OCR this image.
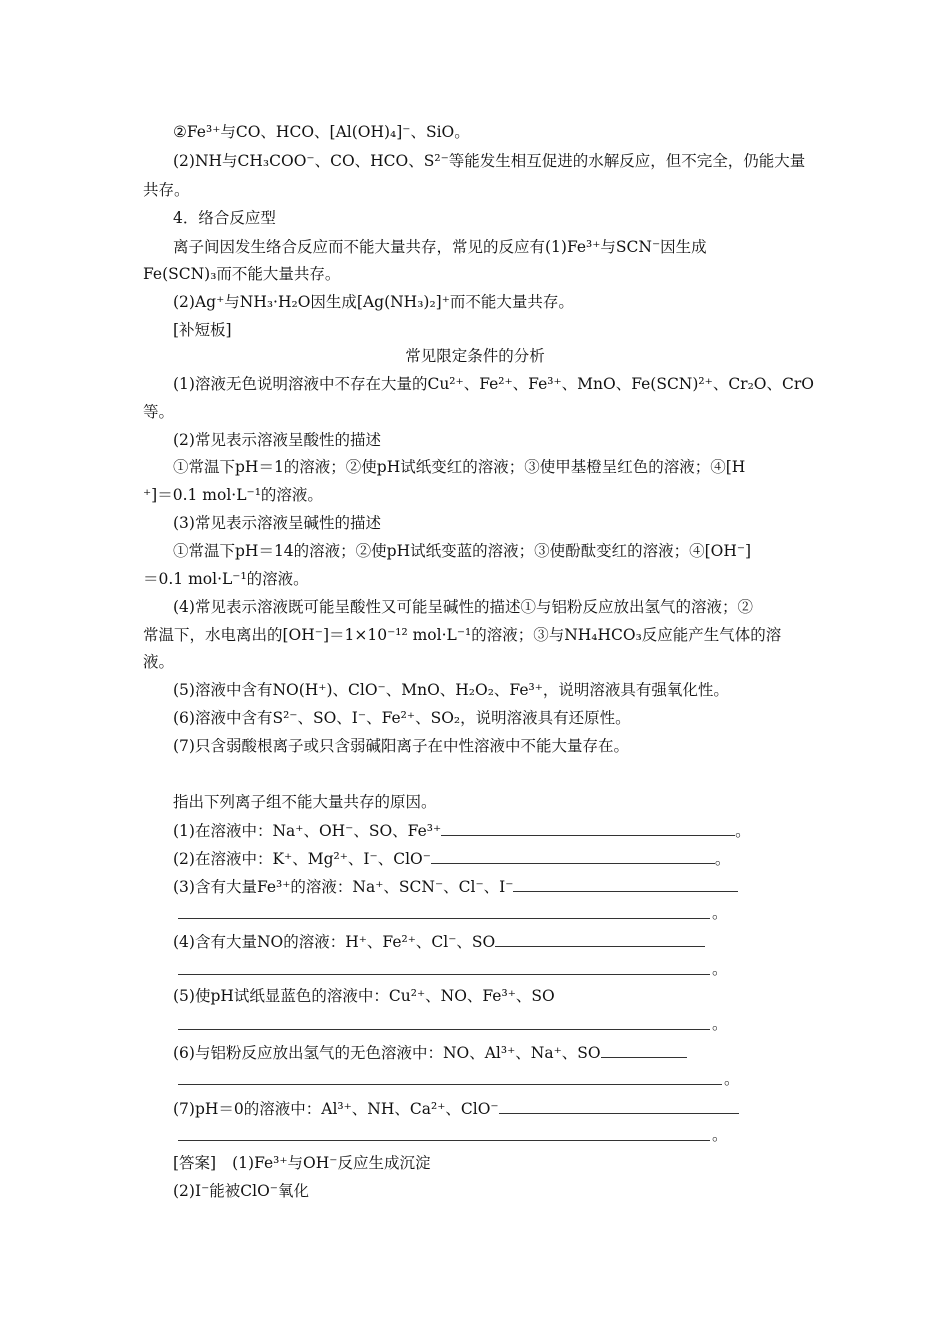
②Fe³⁺与CO、HCO、[Al(OH)₄]⁻、SiO。
(2)NH与CH₃COO⁻、CO、HCO、S²⁻等能发生相互促进的水解反应，但不完全，仍能大量
共存。
4．络合反应型
离子间因发生络合反应而不能大量共存，常见的反应有(1)Fe³⁺与SCN⁻因生成
Fe(SCN)₃而不能大量共存。
(2)Ag⁺与NH₃·H₂O因生成[Ag(NH₃)₂]⁺而不能大量共存。
[补短板]
常见限定条件的分析
(1)溶液无色说明溶液中不存在大量的Cu²⁺、Fe²⁺、Fe³⁺、MnO、Fe(SCN)²⁺、Cr₂O、CrO
等。
(2)常见表示溶液呈酸性的描述
①常温下pH＝1的溶液；②使pH试纸变红的溶液；③使甲基橙呈红色的溶液；④[H
⁺]＝0.1 mol·L⁻¹的溶液。
(3)常见表示溶液呈碱性的描述
①常温下pH＝14的溶液；②使pH试纸变蓝的溶液；③使酚酞变红的溶液；④[OH⁻]
＝0.1 mol·L⁻¹的溶液。
(4)常见表示溶液既可能呈酸性又可能呈碱性的描述①与铝粉反应放出氢气的溶液；②
常温下，水电离出的[OH⁻]＝1×10⁻¹² mol·L⁻¹的溶液；③与NH₄HCO₃反应能产生气体的溶
液。
(5)溶液中含有NO(H⁺)、ClO⁻、MnO、H₂O₂、Fe³⁺，说明溶液具有强氧化性。
(6)溶液中含有S²⁻、SO、I⁻、Fe²⁺、SO₂，说明溶液具有还原性。
(7)只含弱酸根离子或只含弱碱阳离子在中性溶液中不能大量存在。
指出下列离子组不能大量共存的原因。
(1)在溶液中：Na⁺、OH⁻、SO、Fe³⁺	。
(2)在溶液中：K⁺、Mg²⁺、I⁻、ClO⁻	。
(3)含有大量Fe³⁺的溶液：Na⁺、SCN⁻、Cl⁻、I⁻
。
(4)含有大量NO的溶液：H⁺、Fe²⁺、Cl⁻、SO
。
(5)使pH试纸显蓝色的溶液中：Cu²⁺、NO、Fe³⁺、SO
。
(6)与铝粉反应放出氢气的无色溶液中：NO、Al³⁺、Na⁺、SO
。
(7)pH＝0的溶液中：Al³⁺、NH、Ca²⁺、ClO⁻
。
[答案] (1)Fe³⁺与OH⁻反应生成沉淀
(2)I⁻能被ClO⁻氧化
